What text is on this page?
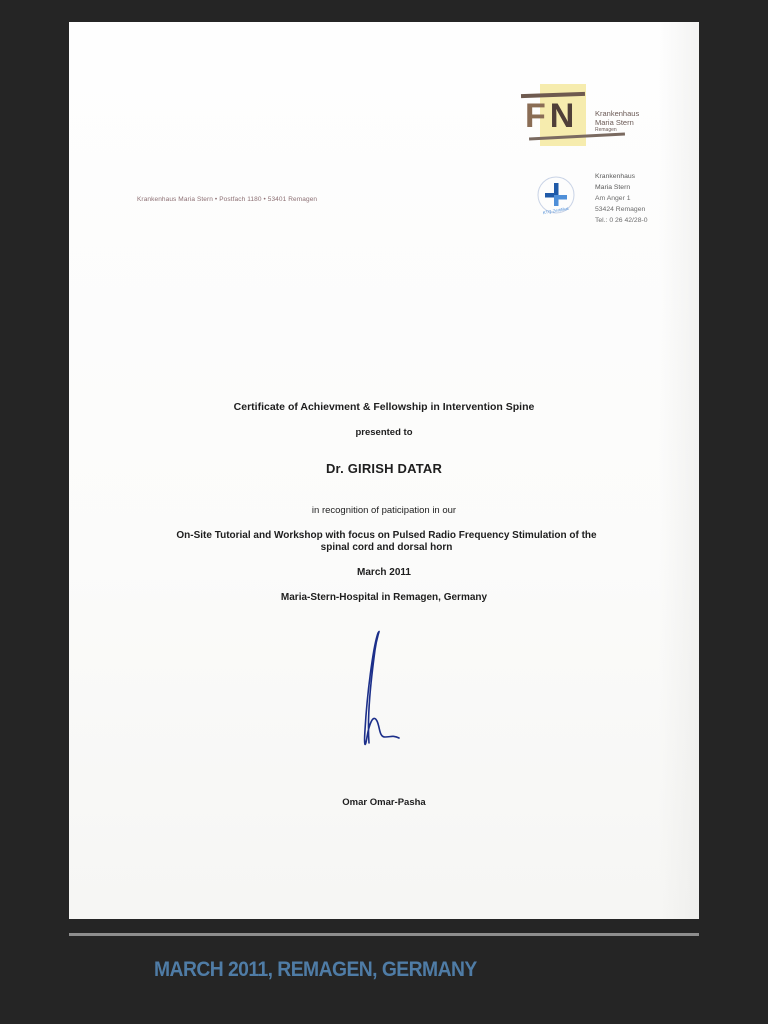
Krankenhaus Maria Stern • Postfach 1180 • 53401 Remagen
F N	Krankenhaus
Maria Stern
Remagen
KTQ-Zertifikat
Krankenhaus
Maria Stern
Am Anger 1
53424 Remagen
Tel.: 0 26 42/28-0
Certificate of Achievment & Fellowship in Intervention Spine
presented to
Dr. GIRISH DATAR
in recognition of paticipation in our
On-Site Tutorial and Workshop with focus on Pulsed Radio Frequency Stimulation of the spinal cord and dorsal horn
March 2011
Maria-Stern-Hospital in Remagen, Germany
Omar Omar-Pasha
MARCH 2011, REMAGEN, GERMANY
